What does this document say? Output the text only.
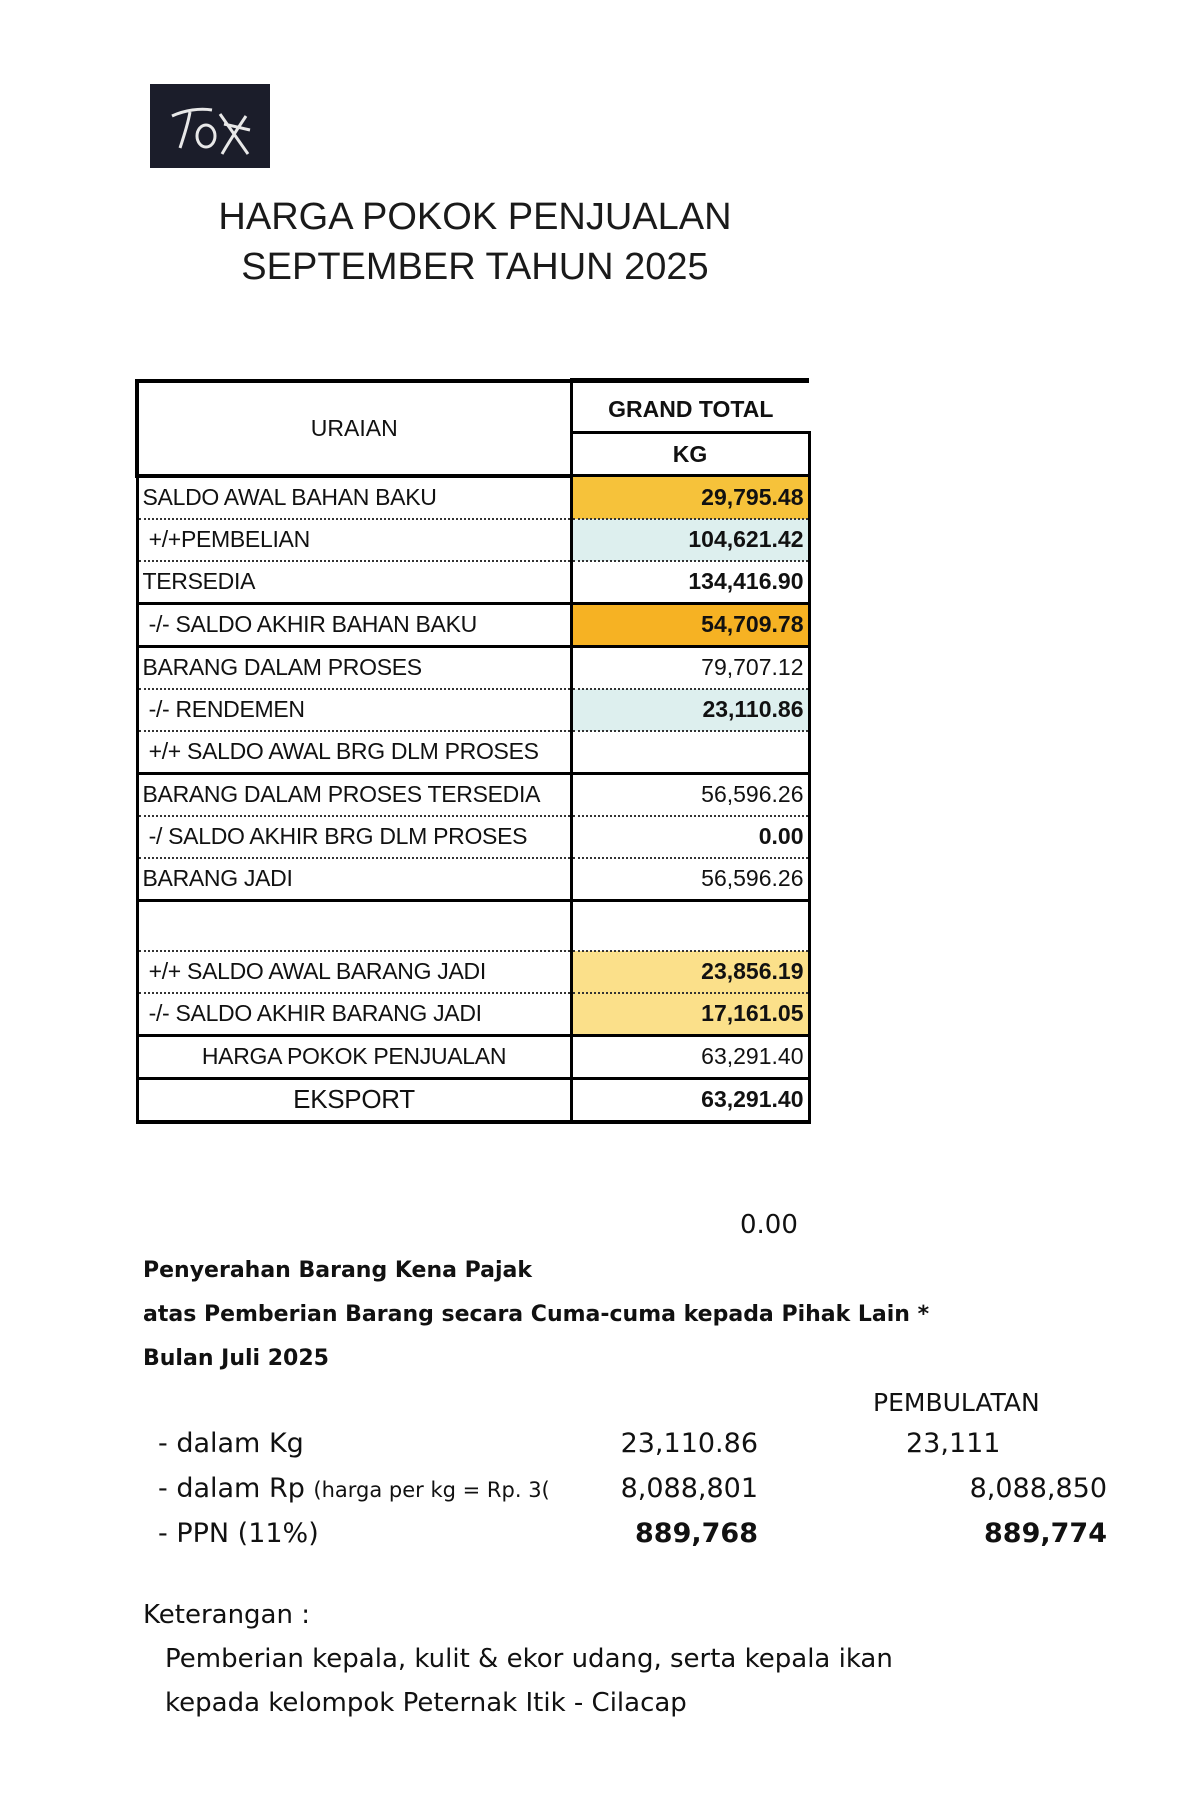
HARGA POKOK PENJUALAN
SEPTEMBER TAHUN 2025
URAIAN	GRAND TOTAL
	KG
SALDO AWAL BAHAN BAKU	29,795.48
+/+PEMBELIAN	104,621.42
TERSEDIA	134,416.90
-/- SALDO AKHIR BAHAN BAKU	54,709.78
BARANG DALAM PROSES	79,707.12
-/- RENDEMEN	23,110.86
+/+ SALDO AWAL BRG DLM PROSES	
BARANG DALAM PROSES TERSEDIA	56,596.26
-/ SALDO AKHIR BRG DLM PROSES	0.00
BARANG JADI	56,596.26

+/+ SALDO AWAL BARANG JADI	23,856.19
-/- SALDO AKHIR BARANG JADI	17,161.05
HARGA POKOK PENJUALAN	63,291.40
EKSPORT	63,291.40
0.00
Penyerahan Barang Kena Pajak
atas Pemberian Barang secara Cuma-cuma kepada Pihak Lain *
Bulan Juli 2025
PEMBULATAN
- dalam Kg	23,110.86	23,111
- dalam Rp (harga per kg = Rp. 3(	8,088,801	8,088,850
- PPN (11%)	889,768	889,774
Keterangan :
Pemberian kepala, kulit & ekor udang, serta kepala ikan
kepada kelompok Peternak Itik - Cilacap
